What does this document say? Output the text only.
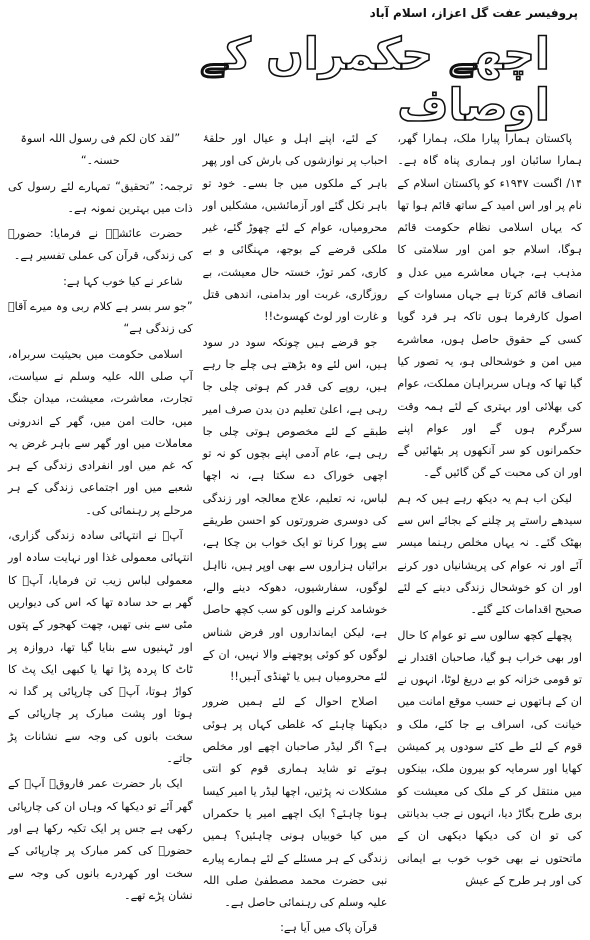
پروفیسر عفت گل اعزاز، اسلام آباد
اچھے حکمراں کے اوصاف

پاکستان ہمارا پیارا ملک، ہمارا گھر، ہمارا سائبان اور ہماری پناہ گاہ ہے۔ ۱۴/ اگست ۱۹۴۷ء کو پاکستان اسلام کے نام پر اور اس امید کے ساتھ قائم ہوا تھا کہ یہاں اسلامی نظام حکومت قائم ہوگا، اسلام جو امن اور سلامتی کا مذہب ہے، جہاں معاشرے میں عدل و انصاف قائم کرتا ہے جہاں مساوات کے اصول کارفرما ہوں تاکہ ہر فرد گویا کسی کے حقوق حاصل ہوں، معاشرے میں امن و خوشحالی ہو، یہ تصور کیا گیا تھا کہ وہاں سربراہان مملکت، عوام کی بھلائی اور بہتری کے لئے ہمہ وقت سرگرم ہوں گے اور عوام اپنے حکمرانوں کو سر آنکھوں پر بٹھائیں گے اور ان کی محبت کے گن گائیں گے۔

لیکن اب ہم یہ دیکھ رہے ہیں کہ ہم سیدھے راستے پر چلنے کے بجائے اس سے بھٹک گئے۔ نہ یہاں مخلص رہنما میسر آئے اور نہ عوام کی پریشانیاں دور کرنے اور ان کو خوشحال زندگی دینے کے لئے صحیح اقدامات کئے گئے۔

پچھلے کچھ سالوں سے تو عوام کا حال اور بھی خراب ہو گیا، صاحبان اقتدار نے تو قومی خزانہ کو بے دریغ لوٹا، انہوں نے ان کے ہاتھوں نے حسب موقع امانت میں خیانت کی، اسراف بے جا کئے، ملک و قوم کے لئے طے کئے سودوں پر کمیشن کھایا اور سرمایہ کو بیرون ملک، بینکوں میں منتقل کر کے ملک کی معیشت کو بری طرح بگاڑ دیا، انہوں نے جب بدیانتی کی تو ان کی دیکھا دیکھی ان کے ماتحتوں نے بھی خوب خوب بے ایمانی کی اور ہر طرح کے عیش

کے لئے، اپنے اہل و عیال اور حلقۂ احباب پر نوازشوں کی بارش کی اور پھر باہر کے ملکوں میں جا بسے۔ خود تو باہر نکل گئے اور آزمائشیں، مشکلیں اور محرومیاں، عوام کے لئے چھوڑ گئے، غیر ملکی قرضے کے بوجھ، مہنگائی و بے کاری، کمر توڑ، خستہ حال معیشت، بے روزگاری، غربت اور بدامنی، اندھی قتل و غارت اور لوٹ کھسوٹ!!

جو قرضے ہیں چونکہ سود در سود ہیں، اس لئے وہ بڑھتے ہی چلے جا رہے ہیں، روپے کی قدر کم ہوتی چلی جا رہی ہے، اعلیٰ تعلیم دن بدن صرف امیر طبقے کے لئے مخصوص ہوتی چلی جا رہی ہے، عام آدمی اپنے بچوں کو نہ تو اچھی خوراک دے سکتا ہے، نہ اچھا لباس، نہ تعلیم، علاج معالجہ اور زندگی کی دوسری ضرورتوں کو احسن طریقے سے پورا کرنا تو ایک خواب بن چکا ہے، برائیاں ہزاروں سے بھی اوپر ہیں، نااہل لوگوں، سفارشیوں، دھوکہ دینے والے، خوشامد کرنے والوں کو سب کچھ حاصل ہے، لیکن ایمانداروں اور فرض شناس لوگوں کو کوئی پوچھنے والا نہیں، ان کے لئے محرومیاں ہیں یا ٹھنڈی آہیں!!

اصلاح احوال کے لئے ہمیں ضرور دیکھنا چاہئے کہ غلطی کہاں پر ہوئی ہے؟ اگر لیڈر صاحبان اچھے اور مخلص ہوتے تو شاید ہماری قوم کو انتی مشکلات نہ پڑتیں، اچھا لیڈر یا امیر کیسا ہونا چاہئے؟ ایک اچھے امیر یا حکمراں میں کیا خوبیاں ہونی چاہئیں؟ ہمیں زندگی کے ہر مسئلے کے لئے ہمارے پیارے نبی حضرت محمد مصطفیٰ صلی اللہ علیہ وسلم کی رہنمائی حاصل ہے۔

قرآن پاک میں آیا ہے:

”لقد کان لکم فی رسول اللہ اسوۃ حسنہ۔“

ترجمہ: ”تحقیق“ تمہارے لئے رسول کی ذات میں بہترین نمونہ ہے۔

حضرت عائشہؓ نے فرمایا: حضورؐ کی زندگی، قرآن کی عملی تفسیر ہے۔

شاعر نے کیا خوب کہا ہے:

”جو سر بسر ہے کلام ربی وہ میرے آقاؐ کی زندگی ہے“

اسلامی حکومت میں بحیثیت سربراہ، آپ صلی اللہ علیہ وسلم نے سیاست، تجارت، معاشرت، معیشت، میدان جنگ میں، حالت امن میں، گھر کے اندرونی معاملات میں اور گھر سے باہر غرض یہ کہ غم میں اور انفرادی زندگی کے ہر شعبے میں اور اجتماعی زندگی کے ہر مرحلے پر رہنمائی کی۔

آپؐ نے انتہائی سادہ زندگی گزاری، انتہائی معمولی غذا اور نہایت سادہ اور معمولی لباس زیب تن فرمایا، آپؐ کا گھر بے حد سادہ تھا کہ اس کی دیواریں مٹی سے بنی تھیں، چھت کھجور کے پتوں اور ٹہنیوں سے بنایا گیا تھا، دروازہ پر ٹاٹ کا پردہ پڑا تھا یا کبھی ایک پٹ کا کواڑ ہوتا، آپؐ کی چارپائی پر گدا نہ ہوتا اور پشت مبارک پر چارپائی کے سخت بانوں کی وجہ سے نشانات پڑ جاتے۔

ایک بار حضرت عمر فاروقؓ آپؐ کے گھر آئے تو دیکھا کہ وہاں ان کی چارپائی رکھی ہے جس پر ایک تکیہ رکھا ہے اور حضورؐ کی کمر مبارک پر چارپائی کے سخت اور کھردرے بانوں کی وجہ سے نشان پڑے تھے۔
